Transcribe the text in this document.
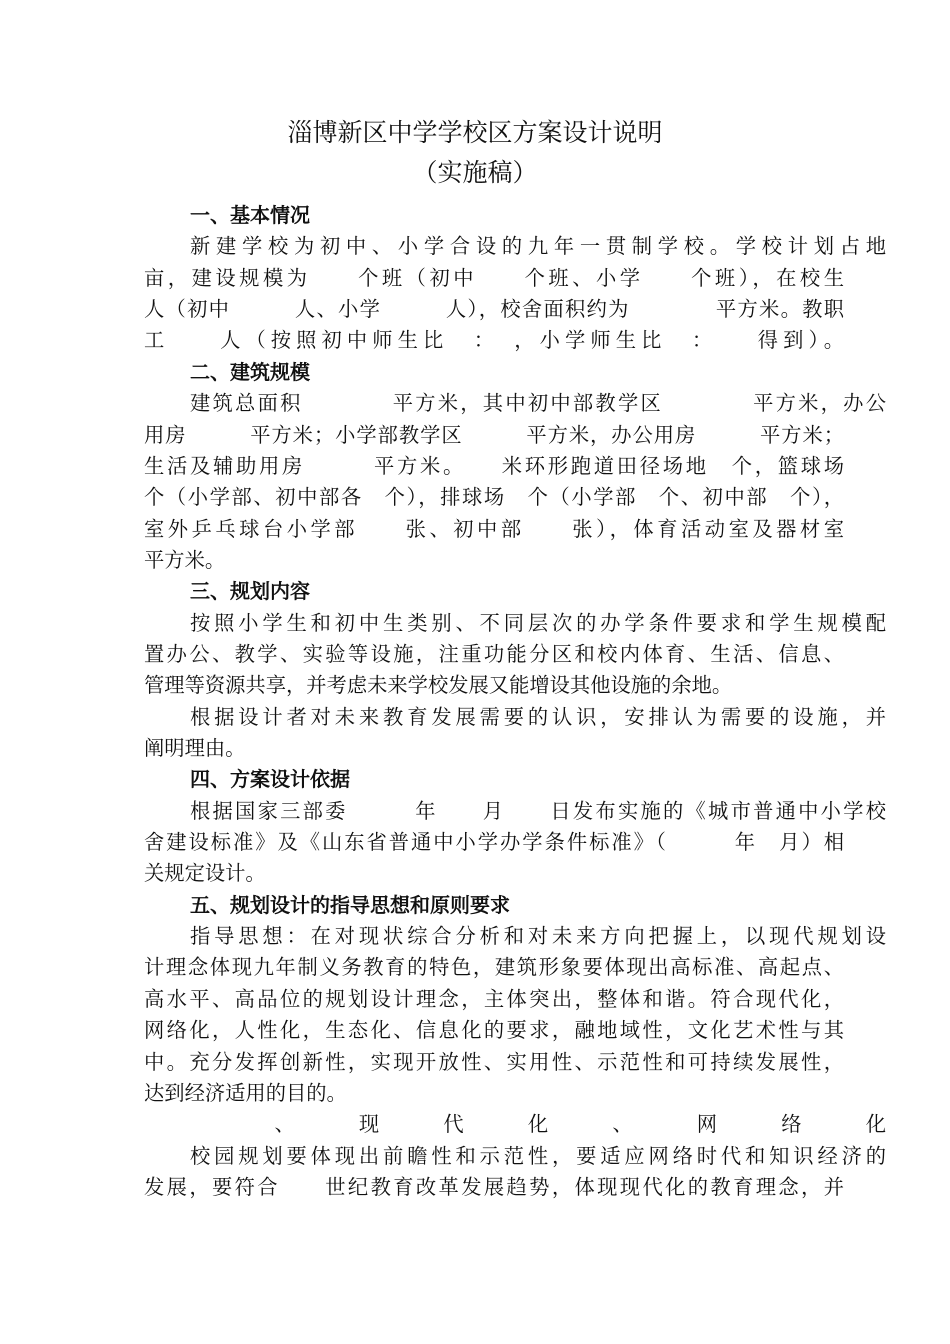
淄博新区中学学校区方案设计说明
（实施稿）
一、基本情况
新建学校为初中、小学合设的九年一贯制学校。学校计划占地
亩，建设规模为　　个班（初中　　个班、小学　　个班），在校生
人（初中　　　人、小学　　　人），校舍面积约为　　　　平方米。教职
工　　人（按照初中师生比　：　，小学师生比　：　　得到）。
二、建筑规模
建筑总面积　　　　平方米，其中初中部教学区　　　　平方米，办公
用房　　　平方米；小学部教学区　　　平方米，办公用房　　　平方米；
生活及辅助用房　　　平方米。　　米环形跑道田径场地　个，篮球场
个（小学部、初中部各　个），排球场　个（小学部　个、初中部　个），
室外乒乓球台小学部　　张、初中部　　张），体育活动室及器材室
平方米。
三、规划内容
按照小学生和初中生类别、不同层次的办学条件要求和学生规模配
置办公、教学、实验等设施，注重功能分区和校内体育、生活、信息、
管理等资源共享，并考虑未来学校发展又能增设其他设施的余地。
根据设计者对未来教育发展需要的认识，安排认为需要的设施，并
阐明理由。
四、方案设计依据
根据国家三部委　　　年　　月　　日发布实施的《城市普通中小学校
舍建设标准》及《山东省普通中小学办学条件标准》（　　　年　月）相
关规定设计。
五、规划设计的指导思想和原则要求
指导思想：在对现状综合分析和对未来方向把握上，以现代规划设
计理念体现九年制义务教育的特色，建筑形象要体现出高标准、高起点、
高水平、高品位的规划设计理念，主体突出，整体和谐。符合现代化，
网络化，人性化，生态化、信息化的要求，融地域性，文化艺术性与其
中。充分发挥创新性，实现开放性、实用性、示范性和可持续发展性，
达到经济适用的目的。
　、现代化、网络化
校园规划要体现出前瞻性和示范性，要适应网络时代和知识经济的
发展，要符合　　世纪教育改革发展趋势，体现现代化的教育理念，并
